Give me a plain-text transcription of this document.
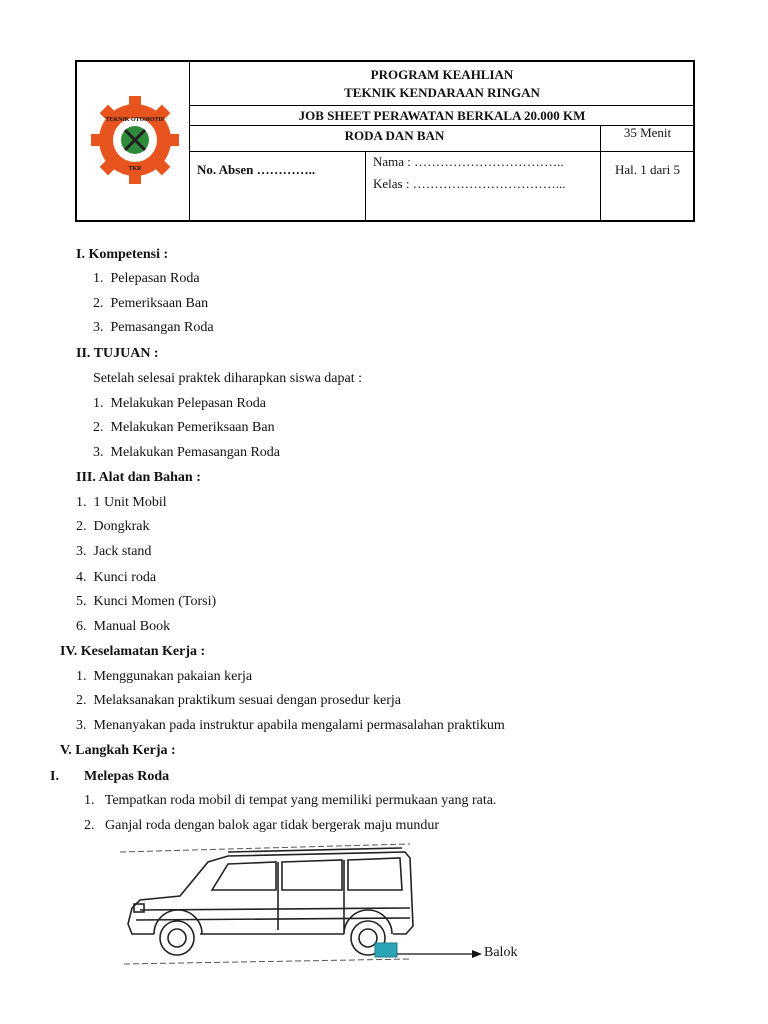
TEKNIK OTOMOTIF
TKR
PROGRAM KEAHLIAN
TEKNIK KENDARAAN RINGAN
JOB SHEET PERAWATAN BERKALA 20.000 KM
RODA DAN BAN	35 Menit
No. Absen …………..
Nama : ……………………………..
Kelas : ……………………………...
Hal. 1 dari 5
I. Kompetensi :
1.  Pelepasan Roda
2.  Pemeriksaan Ban
3.  Pemasangan Roda
II. TUJUAN :
Setelah selesai praktek diharapkan siswa dapat :
1.  Melakukan Pelepasan Roda
2.  Melakukan Pemeriksaan Ban
3.  Melakukan Pemasangan Roda
III. Alat dan Bahan :
1.  1 Unit Mobil
2.  Dongkrak
3.  Jack stand
4.  Kunci roda
5.  Kunci Momen (Torsi)
6.  Manual Book
IV. Keselamatan Kerja :
1.  Menggunakan pakaian kerja
2.  Melaksanakan praktikum sesuai dengan prosedur kerja
3.  Menanyakan pada instruktur apabila mengalami permasalahan praktikum
V. Langkah Kerja :
I. Melepas Roda
1.   Tempatkan roda mobil di tempat yang memiliki permukaan yang rata.
2.   Ganjal roda dengan balok agar tidak bergerak maju mundur
Balok
